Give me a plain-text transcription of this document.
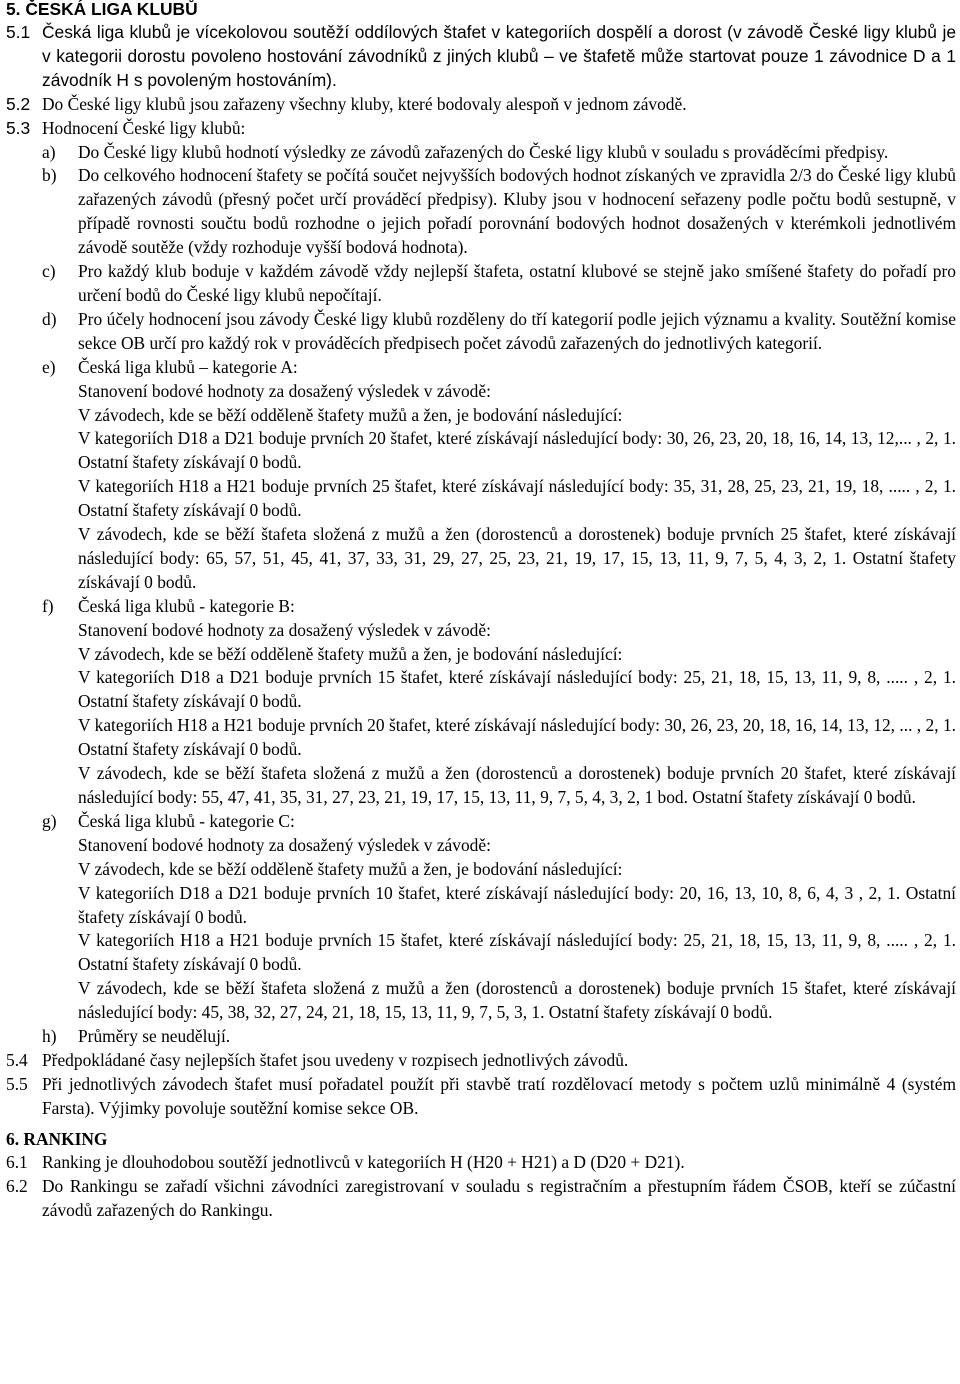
5. ČESKÁ LIGA KLUBŮ
5.1 Česká liga klubů je vícekolovou soutěží oddílových štafet v kategoriích dospělí a dorost (v závodě České ligy klubů je v kategorii dorostu povoleno hostování závodníků z jiných klubů – ve štafetě může startovat pouze 1 závodnice D a 1 závodník H s povoleným hostováním).
5.2 Do České ligy klubů jsou zařazeny všechny kluby, které bodovaly alespoň v jednom závodě.
5.3 Hodnocení České ligy klubů:
a)	Do České ligy klubů hodnotí výsledky ze závodů zařazených do České ligy klubů v souladu s prováděcími předpisy.
b)	Do celkového hodnocení štafety se počítá součet nejvyšších bodových hodnot získaných ve zpravidla 2/3 do České ligy klubů zařazených závodů (přesný počet určí prováděcí předpisy). Kluby jsou v hodnocení seřazeny podle počtu bodů sestupně, v případě rovnosti součtu bodů rozhodne o jejich pořadí porovnání bodových hodnot dosažených v kterémkoli jednotlivém závodě soutěže (vždy rozhoduje vyšší bodová hodnota).
c)	Pro každý klub boduje v každém závodě vždy nejlepší štafeta, ostatní klubové se stejně jako smíšené štafety do pořadí pro určení bodů do České ligy klubů nepočítají.
d)	Pro účely hodnocení jsou závody České ligy klubů rozděleny do tří kategorií podle jejich významu a kvality. Soutěžní komise sekce OB určí pro každý rok v prováděcích předpisech počet závodů zařazených do jednotlivých kategorií.
e)	Česká liga klubů – kategorie A:
Stanovení bodové hodnoty za dosažený výsledek v závodě:
V závodech, kde se běží odděleně štafety mužů a žen, je bodování následující:
V kategoriích D18 a D21 boduje prvních 20 štafet, které získávají následující body: 30, 26, 23, 20, 18, 16, 14, 13, 12,... , 2, 1. Ostatní štafety získávají 0 bodů.
V kategoriích H18 a H21 boduje prvních 25 štafet, které získávají následující body: 35, 31, 28, 25, 23, 21, 19, 18, ..... , 2, 1. Ostatní štafety získávají 0 bodů.
V závodech, kde se běží štafeta složená z mužů a žen (dorostenců a dorostenek) boduje prvních 25 štafet, které získávají následující body: 65, 57, 51, 45, 41, 37, 33, 31, 29, 27, 25, 23, 21, 19, 17, 15, 13, 11, 9, 7, 5, 4, 3, 2, 1. Ostatní štafety získávají 0 bodů.
f)	Česká liga klubů - kategorie B:
Stanovení bodové hodnoty za dosažený výsledek v závodě:
V závodech, kde se běží odděleně štafety mužů a žen, je bodování následující:
V kategoriích D18 a D21 boduje prvních 15 štafet, které získávají následující body: 25, 21, 18, 15, 13, 11, 9, 8, ..... , 2, 1. Ostatní štafety získávají 0 bodů.
V kategoriích H18 a H21 boduje prvních 20 štafet, které získávají následující body: 30, 26, 23, 20, 18, 16, 14, 13, 12, ... , 2, 1. Ostatní štafety získávají 0 bodů.
V závodech, kde se běží štafeta složená z mužů a žen (dorostenců a dorostenek) boduje prvních 20 štafet, které získávají následující body: 55, 47, 41, 35, 31, 27, 23, 21, 19, 17, 15, 13, 11, 9, 7, 5, 4, 3, 2, 1 bod. Ostatní štafety získávají 0 bodů.
g)	Česká liga klubů - kategorie C:
Stanovení bodové hodnoty za dosažený výsledek v závodě:
V závodech, kde se běží odděleně štafety mužů a žen, je bodování následující:
V kategoriích D18 a D21 boduje prvních 10 štafet, které získávají následující body: 20, 16, 13, 10, 8, 6, 4, 3 , 2, 1. Ostatní štafety získávají 0 bodů.
V kategoriích H18 a H21 boduje prvních 15 štafet, které získávají následující body: 25, 21, 18, 15, 13, 11, 9, 8, ..... , 2, 1. Ostatní štafety získávají 0 bodů.
V závodech, kde se běží štafeta složená z mužů a žen (dorostenců a dorostenek) boduje prvních 15 štafet, které získávají následující body: 45, 38, 32, 27, 24, 21, 18, 15, 13, 11, 9, 7, 5, 3, 1. Ostatní štafety získávají 0 bodů.
h)	Průměry se neudělují.
5.4 Předpokládané časy nejlepších štafet jsou uvedeny v rozpisech jednotlivých závodů.
5.5 Při jednotlivých závodech štafet musí pořadatel použít při stavbě tratí rozdělovací metody s počtem uzlů minimálně 4 (systém Farsta). Výjimky povoluje soutěžní komise sekce OB.
6. RANKING
6.1 Ranking je dlouhodobou soutěží jednotlivců v kategoriích H (H20 + H21) a D (D20 + D21).
6.2 Do Rankingu se zařadí všichni závodníci zaregistrovaní v souladu s registračním a přestupním řádem ČSOB, kteří se zúčastní závodů zařazených do Rankingu.
